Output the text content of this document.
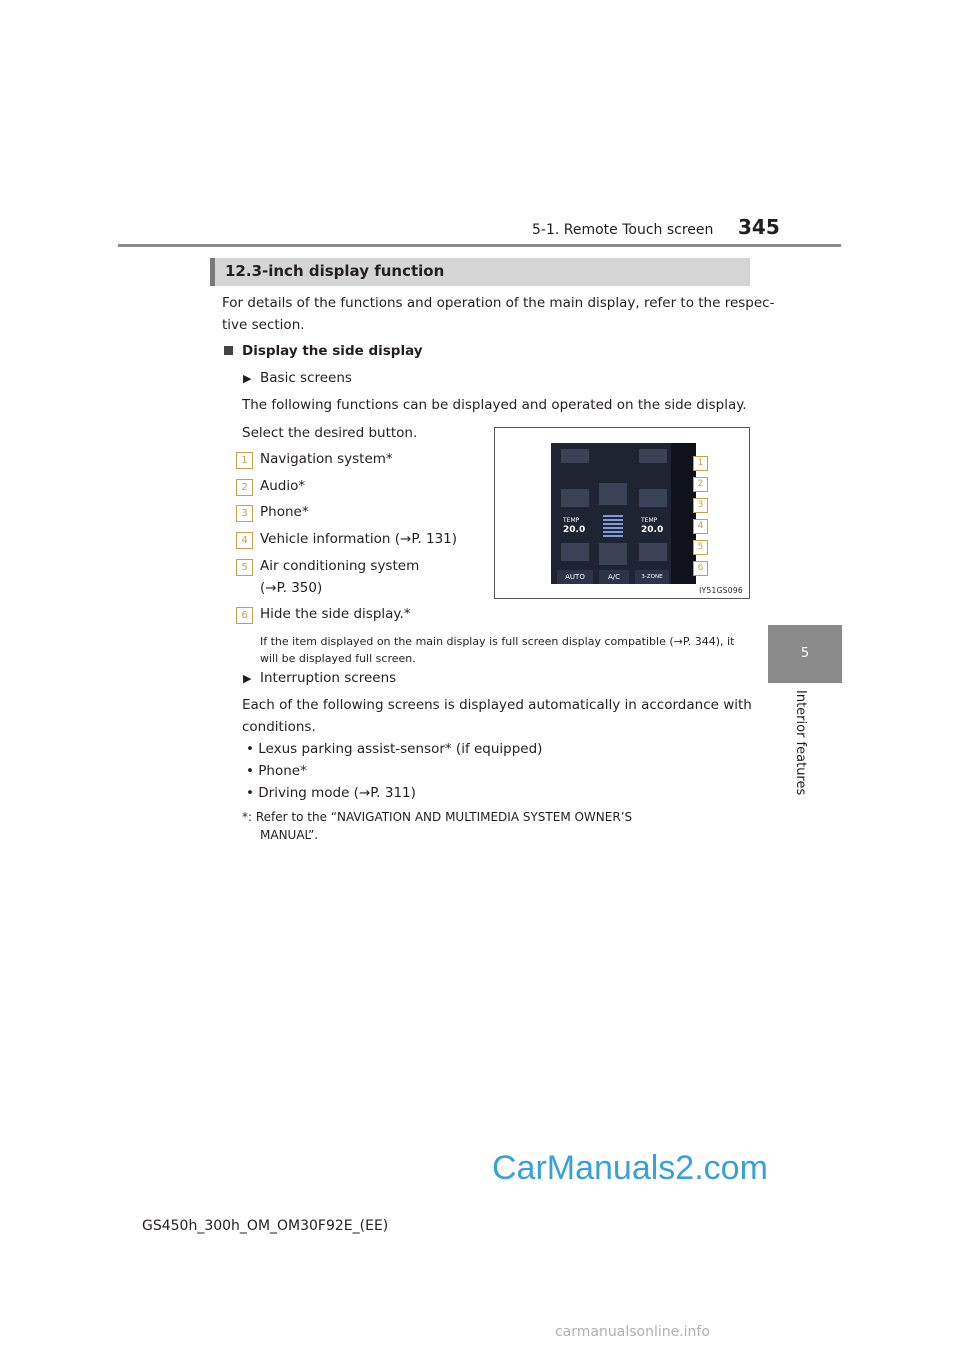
5-1. Remote Touch screen 345
5
Interior features
12.3-inch display function
For details of the functions and operation of the main display, refer to the respec-
tive section.
Display the side display
▶ Basic screens
The following functions can be displayed and operated on the side display.
Select the desired button.
1 Navigation system*
2 Audio*
3 Phone*
4 Vehicle information (→P. 131)
5 Air conditioning system
(→P. 350)
6 Hide the side display.*
If the item displayed on the main display is full screen display compatible (→P. 344), it
will be displayed full screen.
▶ Interruption screens
Each of the following screens is displayed automatically in accordance with
conditions.
• Lexus parking assist-sensor* (if equipped)
• Phone*
• Driving mode (→P. 311)
*: Refer to the “NAVIGATION AND MULTIMEDIA SYSTEM OWNER’S
MANUAL”.
TEMP
20.0
TEMP
20.0
AUTO	A/C	3-ZONE
1
2
3
4
5
6
IY51GS096
GS450h_300h_OM_OM30F92E_(EE)
CarManuals2.com
carmanualsonline.info
